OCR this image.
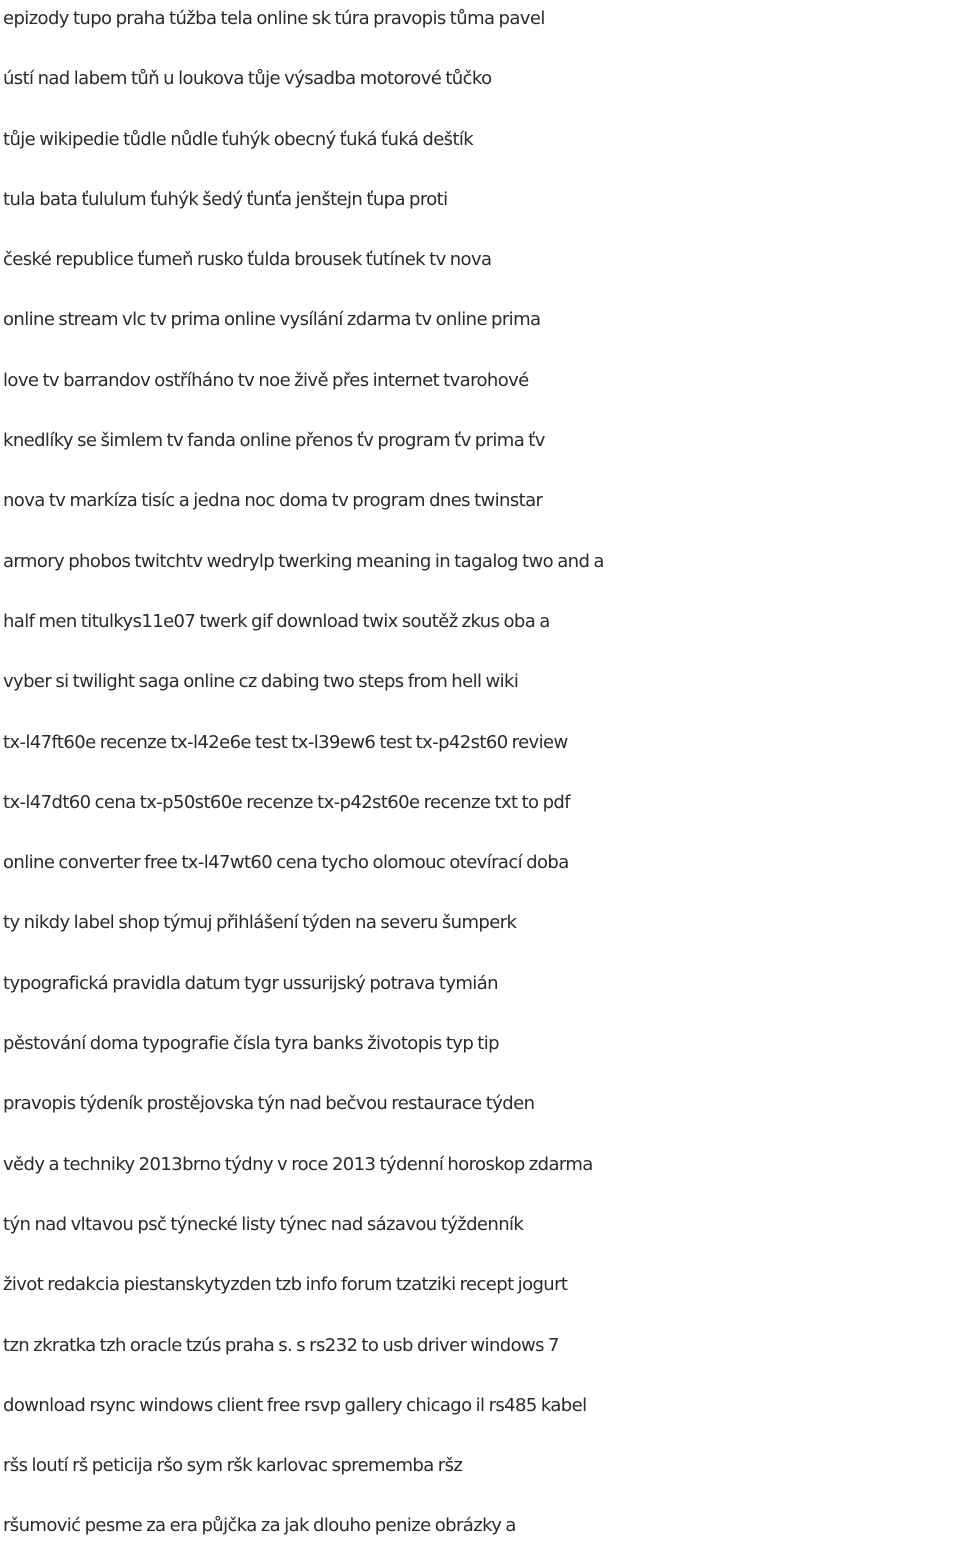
epizody tupo praha túžba tela online sk túra pravopis tůma pavel
ústí nad labem tůň u loukova tůje výsadba motorové tůčko
tůje wikipedie tůdle nůdle ťuhýk obecný ťuká ťuká deštík
tula bata ťululum ťuhýk šedý ťunťa jenštejn ťupa proti
české republice ťumeň rusko ťulda brousek ťutínek tv nova
online stream vlc tv prima online vysílání zdarma tv online prima
love tv barrandov ostříháno tv noe živě přes internet tvarohové
knedlíky se šimlem tv fanda online přenos ťv program ťv prima ťv
nova tv markíza tisíc a jedna noc doma tv program dnes twinstar
armory phobos twitchtv wedrylp twerking meaning in tagalog two and a
half men titulkys11e07 twerk gif download twix soutěž zkus oba a
vyber si twilight saga online cz dabing two steps from hell wiki
tx-l47ft60e recenze tx-l42e6e test tx-l39ew6 test tx-p42st60 review
tx-l47dt60 cena tx-p50st60e recenze tx-p42st60e recenze txt to pdf
online converter free tx-l47wt60 cena tycho olomouc otevírací doba
ty nikdy label shop týmuj přihlášení týden na severu šumperk
typografická pravidla datum tygr ussurijský potrava tymián
pěstování doma typografie čísla tyra banks životopis typ tip
pravopis týdeník prostějovska týn nad bečvou restaurace týden
vědy a techniky 2013brno týdny v roce 2013 týdenní horoskop zdarma
týn nad vltavou psč týnecké listy týnec nad sázavou týždenník
život redakcia piestanskytyzden tzb info forum tzatziki recept jogurt
tzn zkratka tzh oracle tzús praha s. s rs232 to usb driver windows 7
download rsync windows client free rsvp gallery chicago il rs485 kabel
ršs loutí rš peticija ršo sym ršk karlovac sprememba ršz
ršumović pesme za era půjčka za jak dlouho penize obrázky a
